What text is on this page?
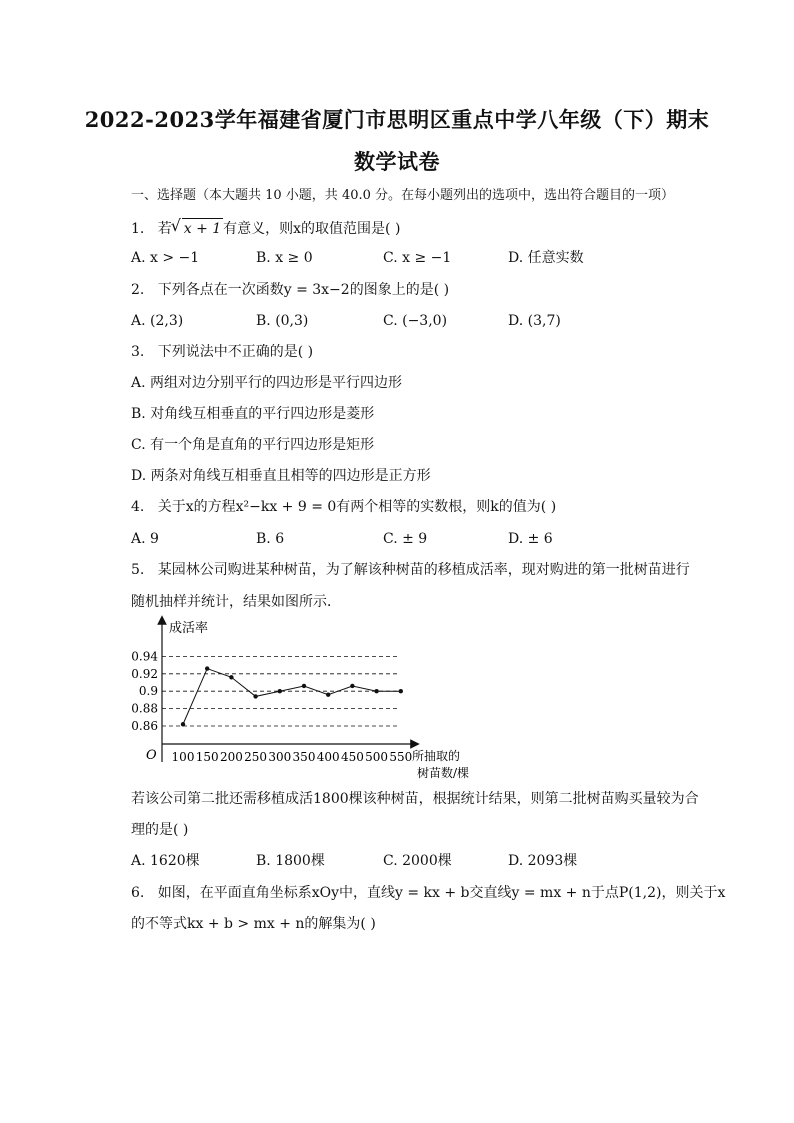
2022-2023学年福建省厦门市思明区重点中学八年级（下）期末
数学试卷
一、选择题（本大题共 10 小题，共 40.0 分。在每小题列出的选项中，选出符合题目的一项）
1. 若√ x + 1 有意义，则x的取值范围是( )
A. x > −1	B. x ≥ 0	C. x ≥ −1	D. 任意实数
2. 下列各点在一次函数y = 3x−2的图象上的是( )
A. (2,3)	B. (0,3)	C. (−3,0)	D. (3,7)
3. 下列说法中不正确的是( )
A. 两组对边分别平行的四边形是平行四边形
B. 对角线互相垂直的平行四边形是菱形
C. 有一个角是直角的平行四边形是矩形
D. 两条对角线互相垂直且相等的四边形是正方形
4. 关于x的方程x²−kx + 9 = 0有两个相等的实数根，则k的值为( )
A. 9	B. 6	C. ± 9	D. ± 6
5. 某园林公司购进某种树苗，为了解该种树苗的移植成活率，现对购进的第一批树苗进行
随机抽样并统计，结果如图所示．
成活率
O	所抽取的
树苗数/棵
0.94
0.92
0.9
0.88
0.86
100 150 200 250 300 350 400 450 500 550
若该公司第二批还需移植成活1800棵该种树苗，根据统计结果，则第二批树苗购买量较为合
理的是( )
A. 1620棵	B. 1800棵	C. 2000棵	D. 2093棵
6. 如图，在平面直角坐标系xOy中，直线y = kx + b交直线y = mx + n于点P(1,2)，则关于x
的不等式kx + b > mx + n的解集为( )
